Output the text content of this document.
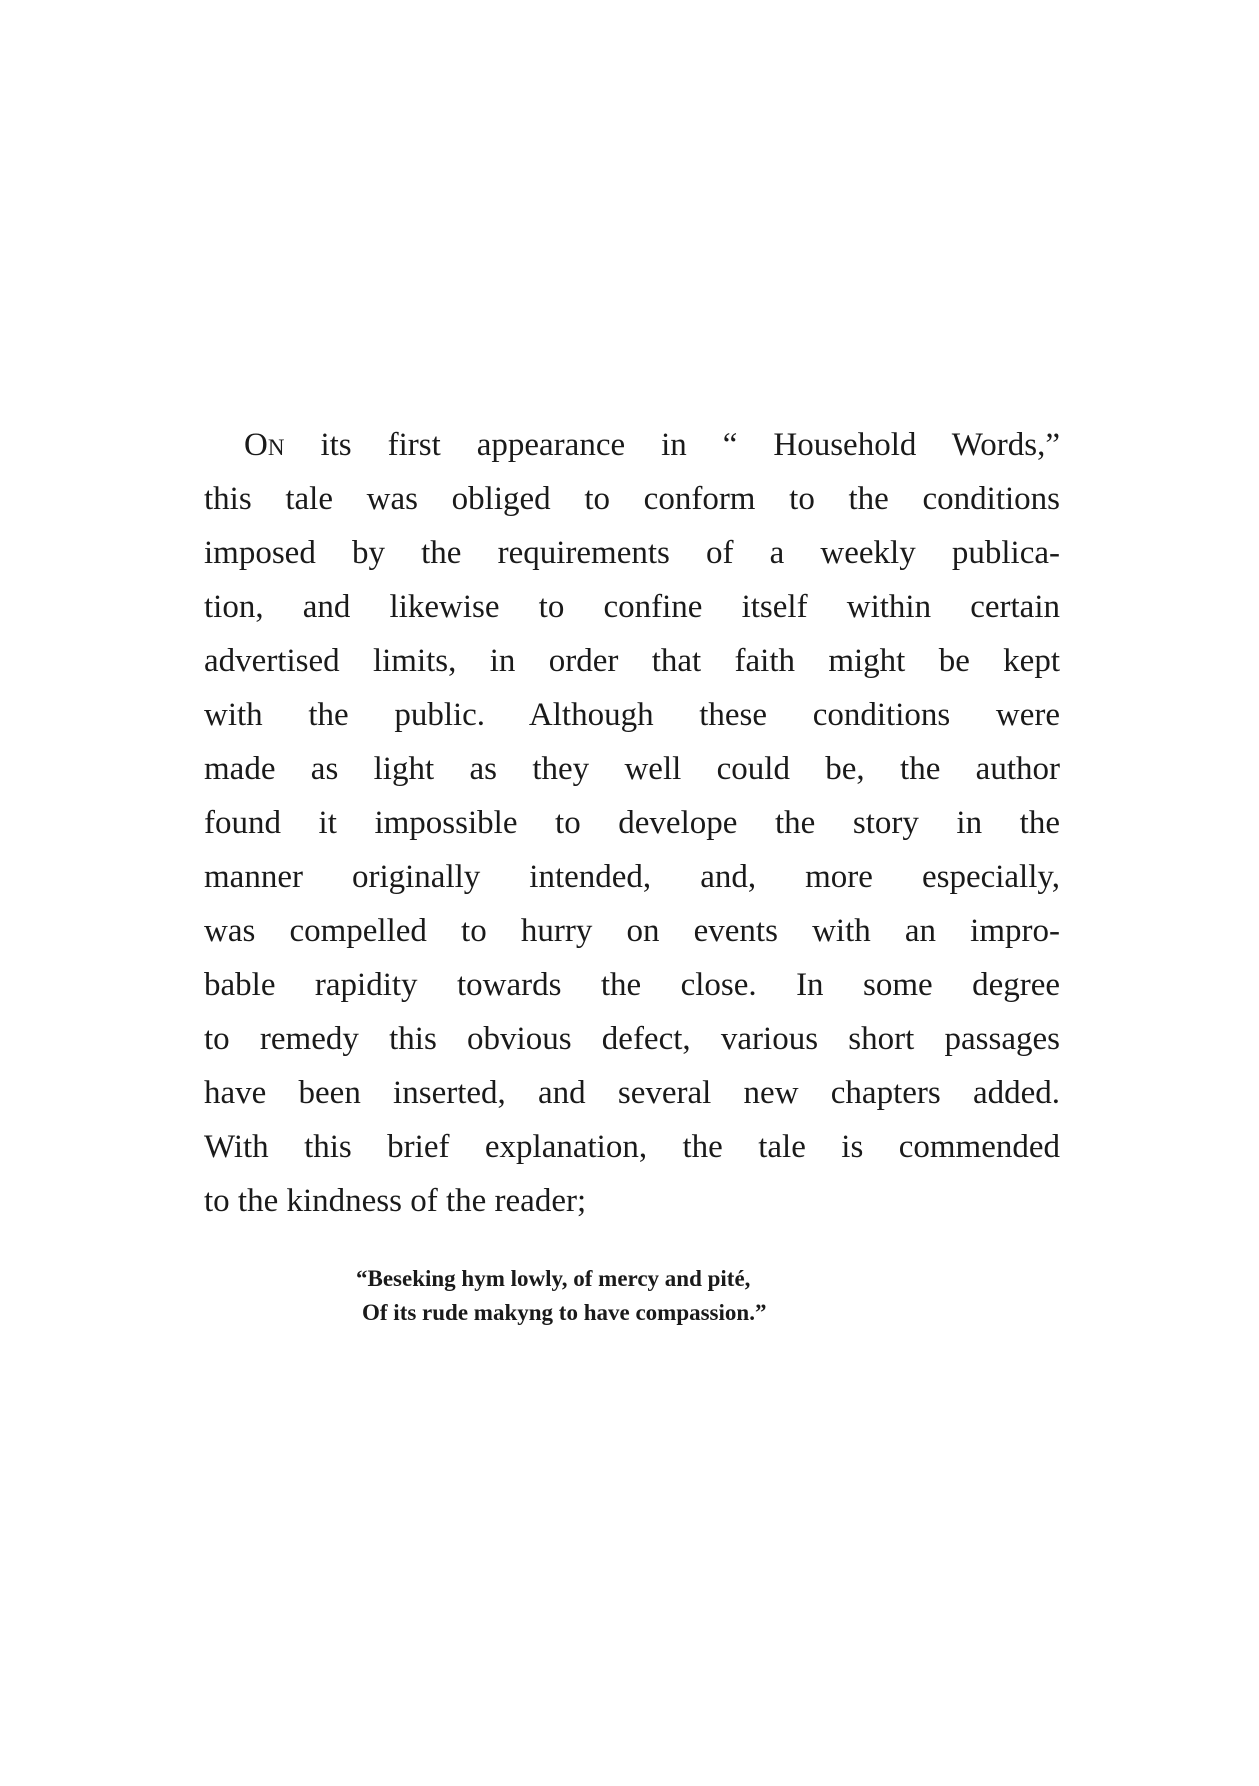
On its first appearance in “ Household Words,”
this tale was obliged to conform to the conditions
imposed by the requirements of a weekly publica-
tion, and likewise to confine itself within certain
advertised limits, in order that faith might be kept
with the public. Although these conditions were
made as light as they well could be, the author
found it impossible to develope the story in the
manner originally intended, and, more especially,
was compelled to hurry on events with an impro-
bable rapidity towards the close. In some degree
to remedy this obvious defect, various short passages
have been inserted, and several new chapters added.
With this brief explanation, the tale is commended
to the kindness of the reader;
“Beseking hym lowly, of mercy and pité,
Of its rude makyng to have compassion.”
